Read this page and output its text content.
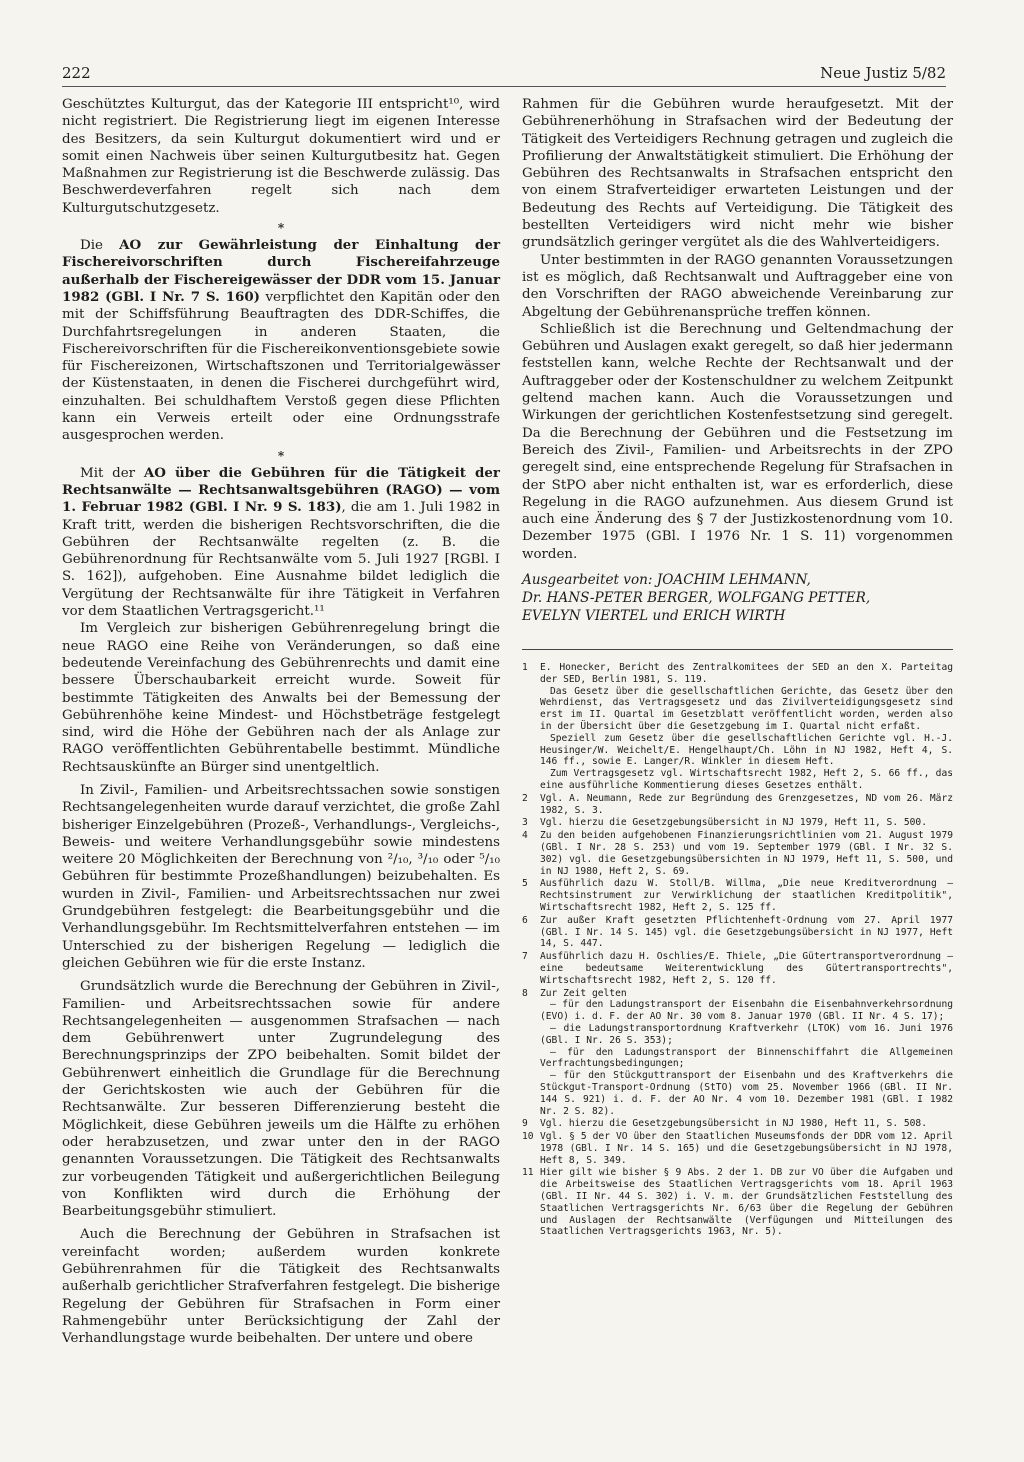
222	Neue Justiz 5/82

Geschütztes Kulturgut, das der Kategorie III entspricht¹⁰, wird nicht registriert. Die Registrierung liegt im eigenen Interesse des Besitzers, da sein Kulturgut dokumentiert wird und er somit einen Nachweis über seinen Kulturgutbesitz hat. Gegen Maßnahmen zur Registrierung ist die Beschwerde zulässig. Das Beschwerdeverfahren regelt sich nach dem Kulturgutschutzgesetz.

*

Die AO zur Gewährleistung der Einhaltung der Fischereivorschriften durch Fischereifahrzeuge außerhalb der Fischereigewässer der DDR vom 15. Januar 1982 (GBl. I Nr. 7 S. 160) verpflichtet den Kapitän oder den mit der Schiffsführung Beauftragten des DDR-Schiffes, die Durchfahrtsregelungen in anderen Staaten, die Fischereivorschriften für die Fischereikonventionsgebiete sowie für Fischereizonen, Wirtschaftszonen und Territorialgewässer der Küstenstaaten, in denen die Fischerei durchgeführt wird, einzuhalten. Bei schuldhaftem Verstoß gegen diese Pflichten kann ein Verweis erteilt oder eine Ordnungsstrafe ausgesprochen werden.

*

Mit der AO über die Gebühren für die Tätigkeit der Rechtsanwälte — Rechtsanwaltsgebühren (RAGO) — vom 1. Februar 1982 (GBl. I Nr. 9 S. 183), die am 1. Juli 1982 in Kraft tritt, werden die bisherigen Rechtsvorschriften, die die Gebühren der Rechtsanwälte regelten (z. B. die Gebührenordnung für Rechtsanwälte vom 5. Juli 1927 [RGBl. I S. 162]), aufgehoben. Eine Ausnahme bildet lediglich die Vergütung der Rechtsanwälte für ihre Tätigkeit in Verfahren vor dem Staatlichen Vertragsgericht.¹¹

Im Vergleich zur bisherigen Gebührenregelung bringt die neue RAGO eine Reihe von Veränderungen, so daß eine bedeutende Vereinfachung des Gebührenrechts und damit eine bessere Überschaubarkeit erreicht wurde. Soweit für bestimmte Tätigkeiten des Anwalts bei der Bemessung der Gebührenhöhe keine Mindest- und Höchstbeträge festgelegt sind, wird die Höhe der Gebühren nach der als Anlage zur RAGO veröffentlichten Gebührentabelle bestimmt. Mündliche Rechtsauskünfte an Bürger sind unentgeltlich.

In Zivil-, Familien- und Arbeitsrechtssachen sowie sonstigen Rechtsangelegenheiten wurde darauf verzichtet, die große Zahl bisheriger Einzelgebühren (Prozeß-, Verhandlungs-, Vergleichs-, Beweis- und weitere Verhandlungsgebühr sowie mindestens weitere 20 Möglichkeiten der Berechnung von ²/₁₀, ³/₁₀ oder ⁵/₁₀ Gebühren für bestimmte Prozeßhandlungen) beizubehalten. Es wurden in Zivil-, Familien- und Arbeitsrechtssachen nur zwei Grundgebühren festgelegt: die Bearbeitungsgebühr und die Verhandlungsgebühr. Im Rechtsmittelverfahren entstehen — im Unterschied zu der bisherigen Regelung — lediglich die gleichen Gebühren wie für die erste Instanz.

Grundsätzlich wurde die Berechnung der Gebühren in Zivil-, Familien- und Arbeitsrechtssachen sowie für andere Rechtsangelegenheiten — ausgenommen Strafsachen — nach dem Gebührenwert unter Zugrundelegung des Berechnungsprinzips der ZPO beibehalten. Somit bildet der Gebührenwert einheitlich die Grundlage für die Berechnung der Gerichtskosten wie auch der Gebühren für die Rechtsanwälte. Zur besseren Differenzierung besteht die Möglichkeit, diese Gebühren jeweils um die Hälfte zu erhöhen oder herabzusetzen, und zwar unter den in der RAGO genannten Voraussetzungen. Die Tätigkeit des Rechtsanwalts zur vorbeugenden Tätigkeit und außergerichtlichen Beilegung von Konflikten wird durch die Erhöhung der Bearbeitungsgebühr stimuliert.

Auch die Berechnung der Gebühren in Strafsachen ist vereinfacht worden; außerdem wurden konkrete Gebührenrahmen für die Tätigkeit des Rechtsanwalts außerhalb gerichtlicher Strafverfahren festgelegt. Die bisherige Regelung der Gebühren für Strafsachen in Form einer Rahmengebühr unter Berücksichtigung der Zahl der Verhandlungstage wurde beibehalten. Der untere und obere

Rahmen für die Gebühren wurde heraufgesetzt. Mit der Gebührenerhöhung in Strafsachen wird der Bedeutung der Tätigkeit des Verteidigers Rechnung getragen und zugleich die Profilierung der Anwaltstätigkeit stimuliert. Die Erhöhung der Gebühren des Rechtsanwalts in Strafsachen entspricht den von einem Strafverteidiger erwarteten Leistungen und der Bedeutung des Rechts auf Verteidigung. Die Tätigkeit des bestellten Verteidigers wird nicht mehr wie bisher grundsätzlich geringer vergütet als die des Wahlverteidigers.

Unter bestimmten in der RAGO genannten Voraussetzungen ist es möglich, daß Rechtsanwalt und Auftraggeber eine von den Vorschriften der RAGO abweichende Vereinbarung zur Abgeltung der Gebührenansprüche treffen können.

Schließlich ist die Berechnung und Geltendmachung der Gebühren und Auslagen exakt geregelt, so daß hier jedermann feststellen kann, welche Rechte der Rechtsanwalt und der Auftraggeber oder der Kostenschuldner zu welchem Zeitpunkt geltend machen kann. Auch die Voraussetzungen und Wirkungen der gerichtlichen Kostenfestsetzung sind geregelt. Da die Berechnung der Gebühren und die Festsetzung im Bereich des Zivil-, Familien- und Arbeitsrechts in der ZPO geregelt sind, eine entsprechende Regelung für Strafsachen in der StPO aber nicht enthalten ist, war es erforderlich, diese Regelung in die RAGO aufzunehmen. Aus diesem Grund ist auch eine Änderung des § 7 der Justizkostenordnung vom 10. Dezember 1975 (GBl. I 1976 Nr. 1 S. 11) vorgenommen worden.

Ausgearbeitet von: JOACHIM LEHMANN,
Dr. HANS-PETER BERGER, WOLFGANG PETTER,
EVELYN VIERTEL und ERICH WIRTH
1	E. Honecker, Bericht des Zentralkomitees der SED an den X. Parteitag der SED, Berlin 1981, S. 119.

Das Gesetz über die gesellschaftlichen Gerichte, das Gesetz über den Wehrdienst, das Vertragsgesetz und das Zivilverteidigungsgesetz sind erst im II. Quartal im Gesetzblatt veröffentlicht worden, werden also in der Übersicht über die Gesetzgebung im I. Quartal nicht erfaßt.

Speziell zum Gesetz über die gesellschaftlichen Gerichte vgl. H.-J. Heusinger/W. Weichelt/E. Hengelhaupt/Ch. Löhn in NJ 1982, Heft 4, S. 146 ff., sowie E. Langer/R. Winkler in diesem Heft.

Zum Vertragsgesetz vgl. Wirtschaftsrecht 1982, Heft 2, S. 66 ff., das eine ausführliche Kommentierung dieses Gesetzes enthält.

2	Vgl. A. Neumann, Rede zur Begründung des Grenzgesetzes, ND vom 26. März 1982, S. 3.

3	Vgl. hierzu die Gesetzgebungsübersicht in NJ 1979, Heft 11, S. 500.

4	Zu den beiden aufgehobenen Finanzierungsrichtlinien vom 21. August 1979 (GBl. I Nr. 28 S. 253) und vom 19. September 1979 (GBl. I Nr. 32 S. 302) vgl. die Gesetzgebungsübersichten in NJ 1979, Heft 11, S. 500, und in NJ 1980, Heft 2, S. 69.

5	Ausführlich dazu W. Stoll/B. Willma, „Die neue Kreditverordnung — Rechtsinstrument zur Verwirklichung der staatlichen Kreditpolitik", Wirtschaftsrecht 1982, Heft 2, S. 125 ff.

6	Zur außer Kraft gesetzten Pflichtenheft-Ordnung vom 27. April 1977 (GBl. I Nr. 14 S. 145) vgl. die Gesetzgebungsübersicht in NJ 1977, Heft 14, S. 447.

7	Ausführlich dazu H. Oschlies/E. Thiele, „Die Gütertransportverordnung — eine bedeutsame Weiterentwicklung des Gütertransportrechts", Wirtschaftsrecht 1982, Heft 2, S. 120 ff.

8	Zur Zeit gelten

– für den Ladungstransport der Eisenbahn die Eisenbahnverkehrsordnung (EVO) i. d. F. der AO Nr. 30 vom 8. Januar 1970 (GBl. II Nr. 4 S. 17);

– die Ladungstransportordnung Kraftverkehr (LTOK) vom 16. Juni 1976 (GBl. I Nr. 26 S. 353);

– für den Ladungstransport der Binnenschiffahrt die Allgemeinen Verfrachtungsbedingungen;

– für den Stückguttransport der Eisenbahn und des Kraftverkehrs die Stückgut-Transport-Ordnung (StTO) vom 25. November 1966 (GBl. II Nr. 144 S. 921) i. d. F. der AO Nr. 4 vom 10. Dezember 1981 (GBl. I 1982 Nr. 2 S. 82).

9	Vgl. hierzu die Gesetzgebungsübersicht in NJ 1980, Heft 11, S. 508.

10 Vgl. § 5 der VO über den Staatlichen Museumsfonds der DDR vom 12. April 1978 (GBl. I Nr. 14 S. 165) und die Gesetzgebungsübersicht in NJ 1978, Heft 8, S. 349.

11 Hier gilt wie bisher § 9 Abs. 2 der 1. DB zur VO über die Aufgaben und die Arbeitsweise des Staatlichen Vertragsgerichts vom 18. April 1963 (GBl. II Nr. 44 S. 302) i. V. m. der Grundsätzlichen Feststellung des Staatlichen Vertragsgerichts Nr. 6/63 über die Regelung der Gebühren und Auslagen der Rechtsanwälte (Verfügungen und Mitteilungen des Staatlichen Vertragsgerichts 1963, Nr. 5).
